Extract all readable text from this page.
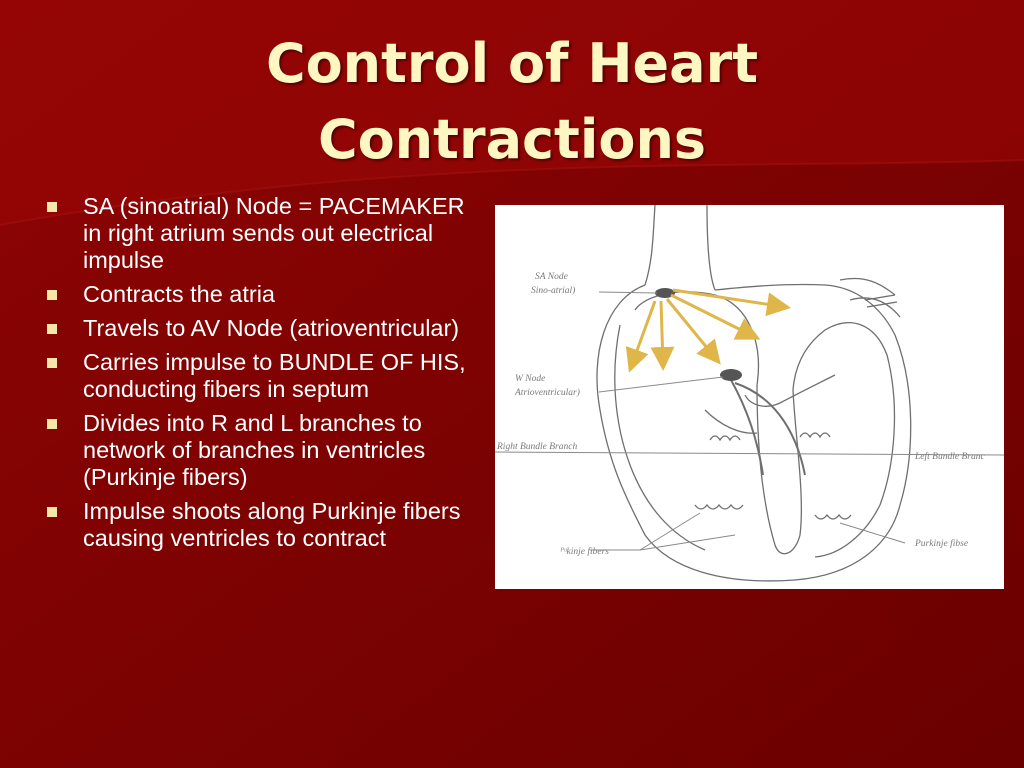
Control of Heart
Contractions
SA (sinoatrial) Node = PACEMAKER in right atrium sends out electrical impulse
Contracts the atria
Travels to AV Node (atrioventricular)
Carries impulse to BUNDLE OF HIS, conducting fibers in septum
Divides into R and L branches to network of branches in ventricles (Purkinje fibers)
Impulse shoots along Purkinje fibers causing ventricles to contract
SA Node
Sino-atrial)
W Node
Atrioventricular)
Right Bundle Branch
Left Bundle Branc
ᴾᵘkinje fibers
Purkinje fibse
